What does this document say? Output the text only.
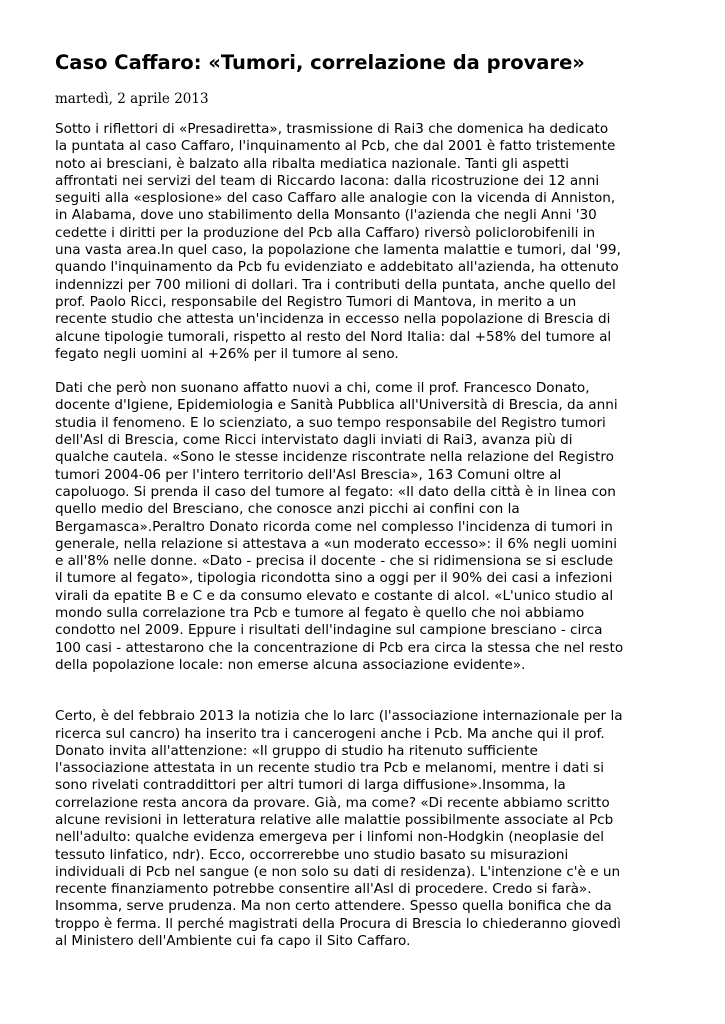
Caso Caffaro: «Tumori, correlazione da provare»
martedì, 2 aprile 2013

Sotto i riflettori di «Presadiretta», trasmissione di Rai3 che domenica ha dedicato
la puntata al caso Caffaro, l'inquinamento al Pcb, che dal 2001 è fatto tristemente
noto ai bresciani, è balzato alla ribalta mediatica nazionale. Tanti gli aspetti
affrontati nei servizi del team di Riccardo Iacona: dalla ricostruzione dei 12 anni
seguiti alla «esplosione» del caso Caffaro alle analogie con la vicenda di Anniston,
in Alabama, dove uno stabilimento della Monsanto (l'azienda che negli Anni '30
cedette i diritti per la produzione del Pcb alla Caffaro) riversò policlorobifenili in
una vasta area.In quel caso, la popolazione che lamenta malattie e tumori, dal '99,
quando l'inquinamento da Pcb fu evidenziato e addebitato all'azienda, ha ottenuto
indennizzi per 700 milioni di dollari. Tra i contributi della puntata, anche quello del
prof. Paolo Ricci, responsabile del Registro Tumori di Mantova, in merito a un
recente studio che attesta un'incidenza in eccesso nella popolazione di Brescia di
alcune tipologie tumorali, rispetto al resto del Nord Italia: dal +58% del tumore al
fegato negli uomini al +26% per il tumore al seno.

Dati che però non suonano affatto nuovi a chi, come il prof. Francesco Donato,
docente d'Igiene, Epidemiologia e Sanità Pubblica all'Università di Brescia, da anni
studia il fenomeno. E lo scienziato, a suo tempo responsabile del Registro tumori
dell'Asl di Brescia, come Ricci intervistato dagli inviati di Rai3, avanza più di
qualche cautela. «Sono le stesse incidenze riscontrate nella relazione del Registro
tumori 2004-06 per l'intero territorio dell'Asl Brescia», 163 Comuni oltre al
capoluogo. Si prenda il caso del tumore al fegato: «Il dato della città è in linea con
quello medio del Bresciano, che conosce anzi picchi ai confini con la
Bergamasca».Peraltro Donato ricorda come nel complesso l'incidenza di tumori in
generale, nella relazione si attestava a «un moderato eccesso»: il 6% negli uomini
e all'8% nelle donne. «Dato - precisa il docente - che si ridimensiona se si esclude
il tumore al fegato», tipologia ricondotta sino a oggi per il 90% dei casi a infezioni
virali da epatite B e C e da consumo elevato e costante di alcol. «L'unico studio al
mondo sulla correlazione tra Pcb e tumore al fegato è quello che noi abbiamo
condotto nel 2009. Eppure i risultati dell'indagine sul campione bresciano - circa
100 casi - attestarono che la concentrazione di Pcb era circa la stessa che nel resto
della popolazione locale: non emerse alcuna associazione evidente».

Certo, è del febbraio 2013 la notizia che lo Iarc (l'associazione internazionale per la
ricerca sul cancro) ha inserito tra i cancerogeni anche i Pcb. Ma anche qui il prof.
Donato invita all'attenzione: «Il gruppo di studio ha ritenuto sufficiente
l'associazione attestata in un recente studio tra Pcb e melanomi, mentre i dati si
sono rivelati contraddittori per altri tumori di larga diffusione».Insomma, la
correlazione resta ancora da provare. Già, ma come? «Di recente abbiamo scritto
alcune revisioni in letteratura relative alle malattie possibilmente associate al Pcb
nell'adulto: qualche evidenza emergeva per i linfomi non-Hodgkin (neoplasie del
tessuto linfatico, ndr). Ecco, occorrerebbe uno studio basato su misurazioni
individuali di Pcb nel sangue (e non solo su dati di residenza). L'intenzione c'è e un
recente finanziamento potrebbe consentire all'Asl di procedere. Credo si farà».
Insomma, serve prudenza. Ma non certo attendere. Spesso quella bonifica che da
troppo è ferma. Il perché magistrati della Procura di Brescia lo chiederanno giovedì
al Ministero dell'Ambiente cui fa capo il Sito Caffaro.
